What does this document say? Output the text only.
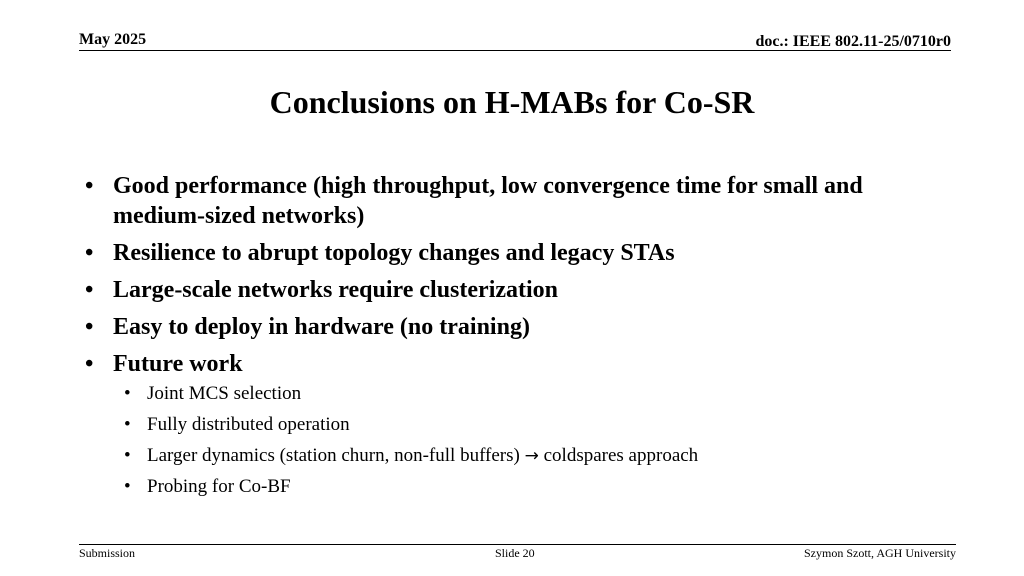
May 2025	doc.: IEEE 802.11-25/0710r0
Conclusions on H-MABs for Co-SR
• Good performance (high throughput, low convergence time for small and medium-sized networks)
• Resilience to abrupt topology changes and legacy STAs
• Large-scale networks require clusterization
• Easy to deploy in hardware (no training)
• Future work
• Joint MCS selection
• Fully distributed operation
• Larger dynamics (station churn, non-full buffers) → coldspares approach
• Probing for Co-BF
Submission	Slide 20	Szymon Szott, AGH University
